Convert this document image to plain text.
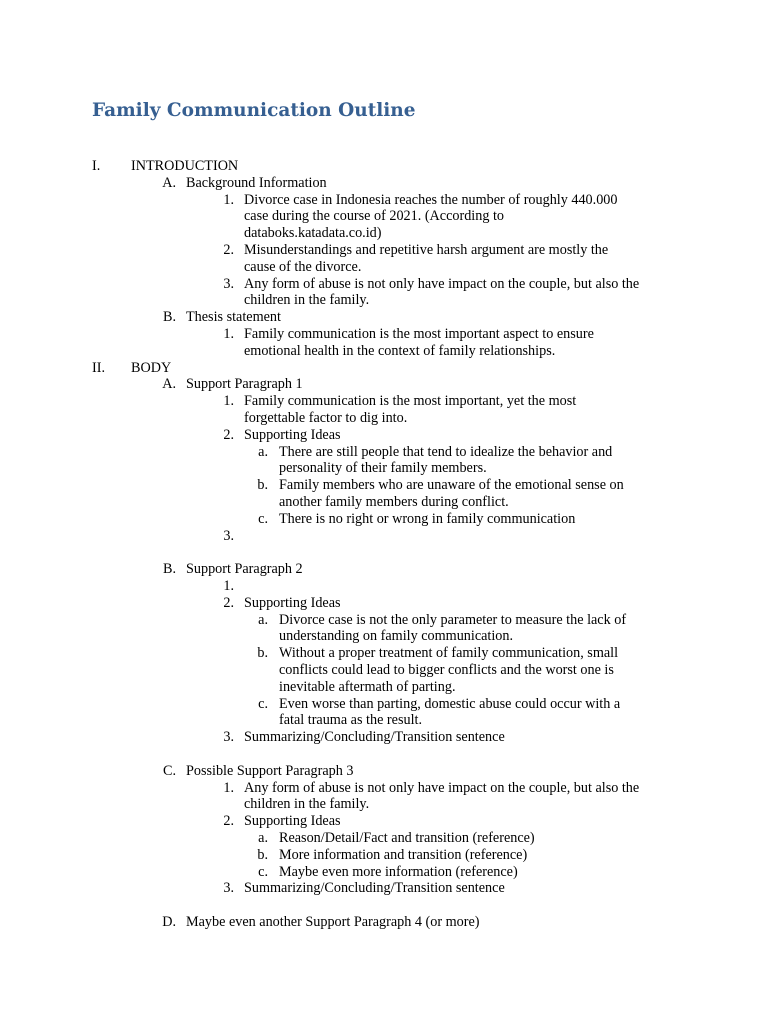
Family Communication Outline
I. INTRODUCTION
A. Background Information
1. Divorce case in Indonesia reaches the number of roughly 440.000
case during the course of 2021. (According to
databoks.katadata.co.id)
2. Misunderstandings and repetitive harsh argument are mostly the
cause of the divorce.
3. Any form of abuse is not only have impact on the couple, but also the
children in the family.
B. Thesis statement
1. Family communication is the most important aspect to ensure
emotional health in the context of family relationships.
II. BODY
A. Support Paragraph 1
1. Family communication is the most important, yet the most
forgettable factor to dig into.
2. Supporting Ideas
a. There are still people that tend to idealize the behavior and
personality of their family members.
b. Family members who are unaware of the emotional sense on
another family members during conflict.
c. There is no right or wrong in family communication
3.
B. Support Paragraph 2
1.
2. Supporting Ideas
a. Divorce case is not the only parameter to measure the lack of
understanding on family communication.
b. Without a proper treatment of family communication, small
conflicts could lead to bigger conflicts and the worst one is
inevitable aftermath of parting.
c. Even worse than parting, domestic abuse could occur with a
fatal trauma as the result.
3. Summarizing/Concluding/Transition sentence
C. Possible Support Paragraph 3
1. Any form of abuse is not only have impact on the couple, but also the
children in the family.
2. Supporting Ideas
a. Reason/Detail/Fact and transition (reference)
b. More information and transition (reference)
c. Maybe even more information (reference)
3. Summarizing/Concluding/Transition sentence
D. Maybe even another Support Paragraph 4 (or more)
